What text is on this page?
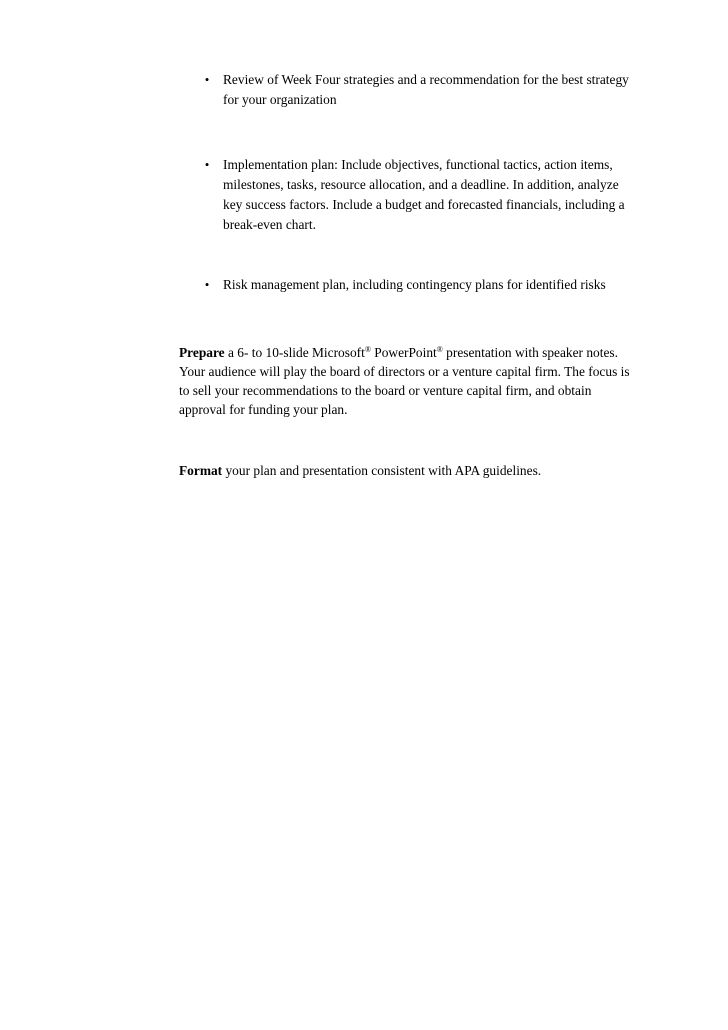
• Review of Week Four strategies and a recommendation for the best strategy
for your organization
• Implementation plan: Include objectives, functional tactics, action items,
milestones, tasks, resource allocation, and a deadline. In addition, analyze
key success factors. Include a budget and forecasted financials, including a
break-even chart.
• Risk management plan, including contingency plans for identified risks
Prepare a 6- to 10-slide Microsoft® PowerPoint® presentation with speaker notes.
Your audience will play the board of directors or a venture capital firm. The focus is
to sell your recommendations to the board or venture capital firm, and obtain
approval for funding your plan.
Format your plan and presentation consistent with APA guidelines.
